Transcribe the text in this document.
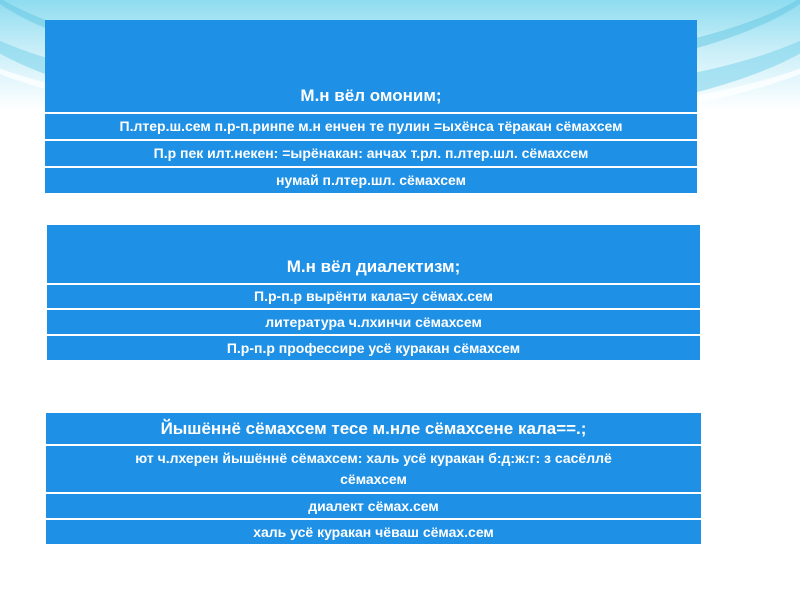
М.н вёл омоним;
П.лтер.ш.сем п.р-п.ринпе м.н енчен те пулин =ыхёнса тёракан сёмахсем
П.р пек илт.некен: =ырёнакан: анчах т.рл. п.лтер.шл. сёмахсем
нумай п.лтер.шл. сёмахсем
М.н вёл диалектизм;
П.р-п.р вырёнти кала=у сёмах.сем
литература ч.лхинчи сёмахсем
П.р-п.р профессире усё куракан сёмахсем
Йышённё сёмахсем тесе м.нле сёмахсене кала==.;
ют ч.лхерен йышённё сёмахсем: халь усё куракан б:д:ж:г: з сасёллё сёмахсем
диалект сёмах.сем
халь усё куракан чёваш сёмах.сем
